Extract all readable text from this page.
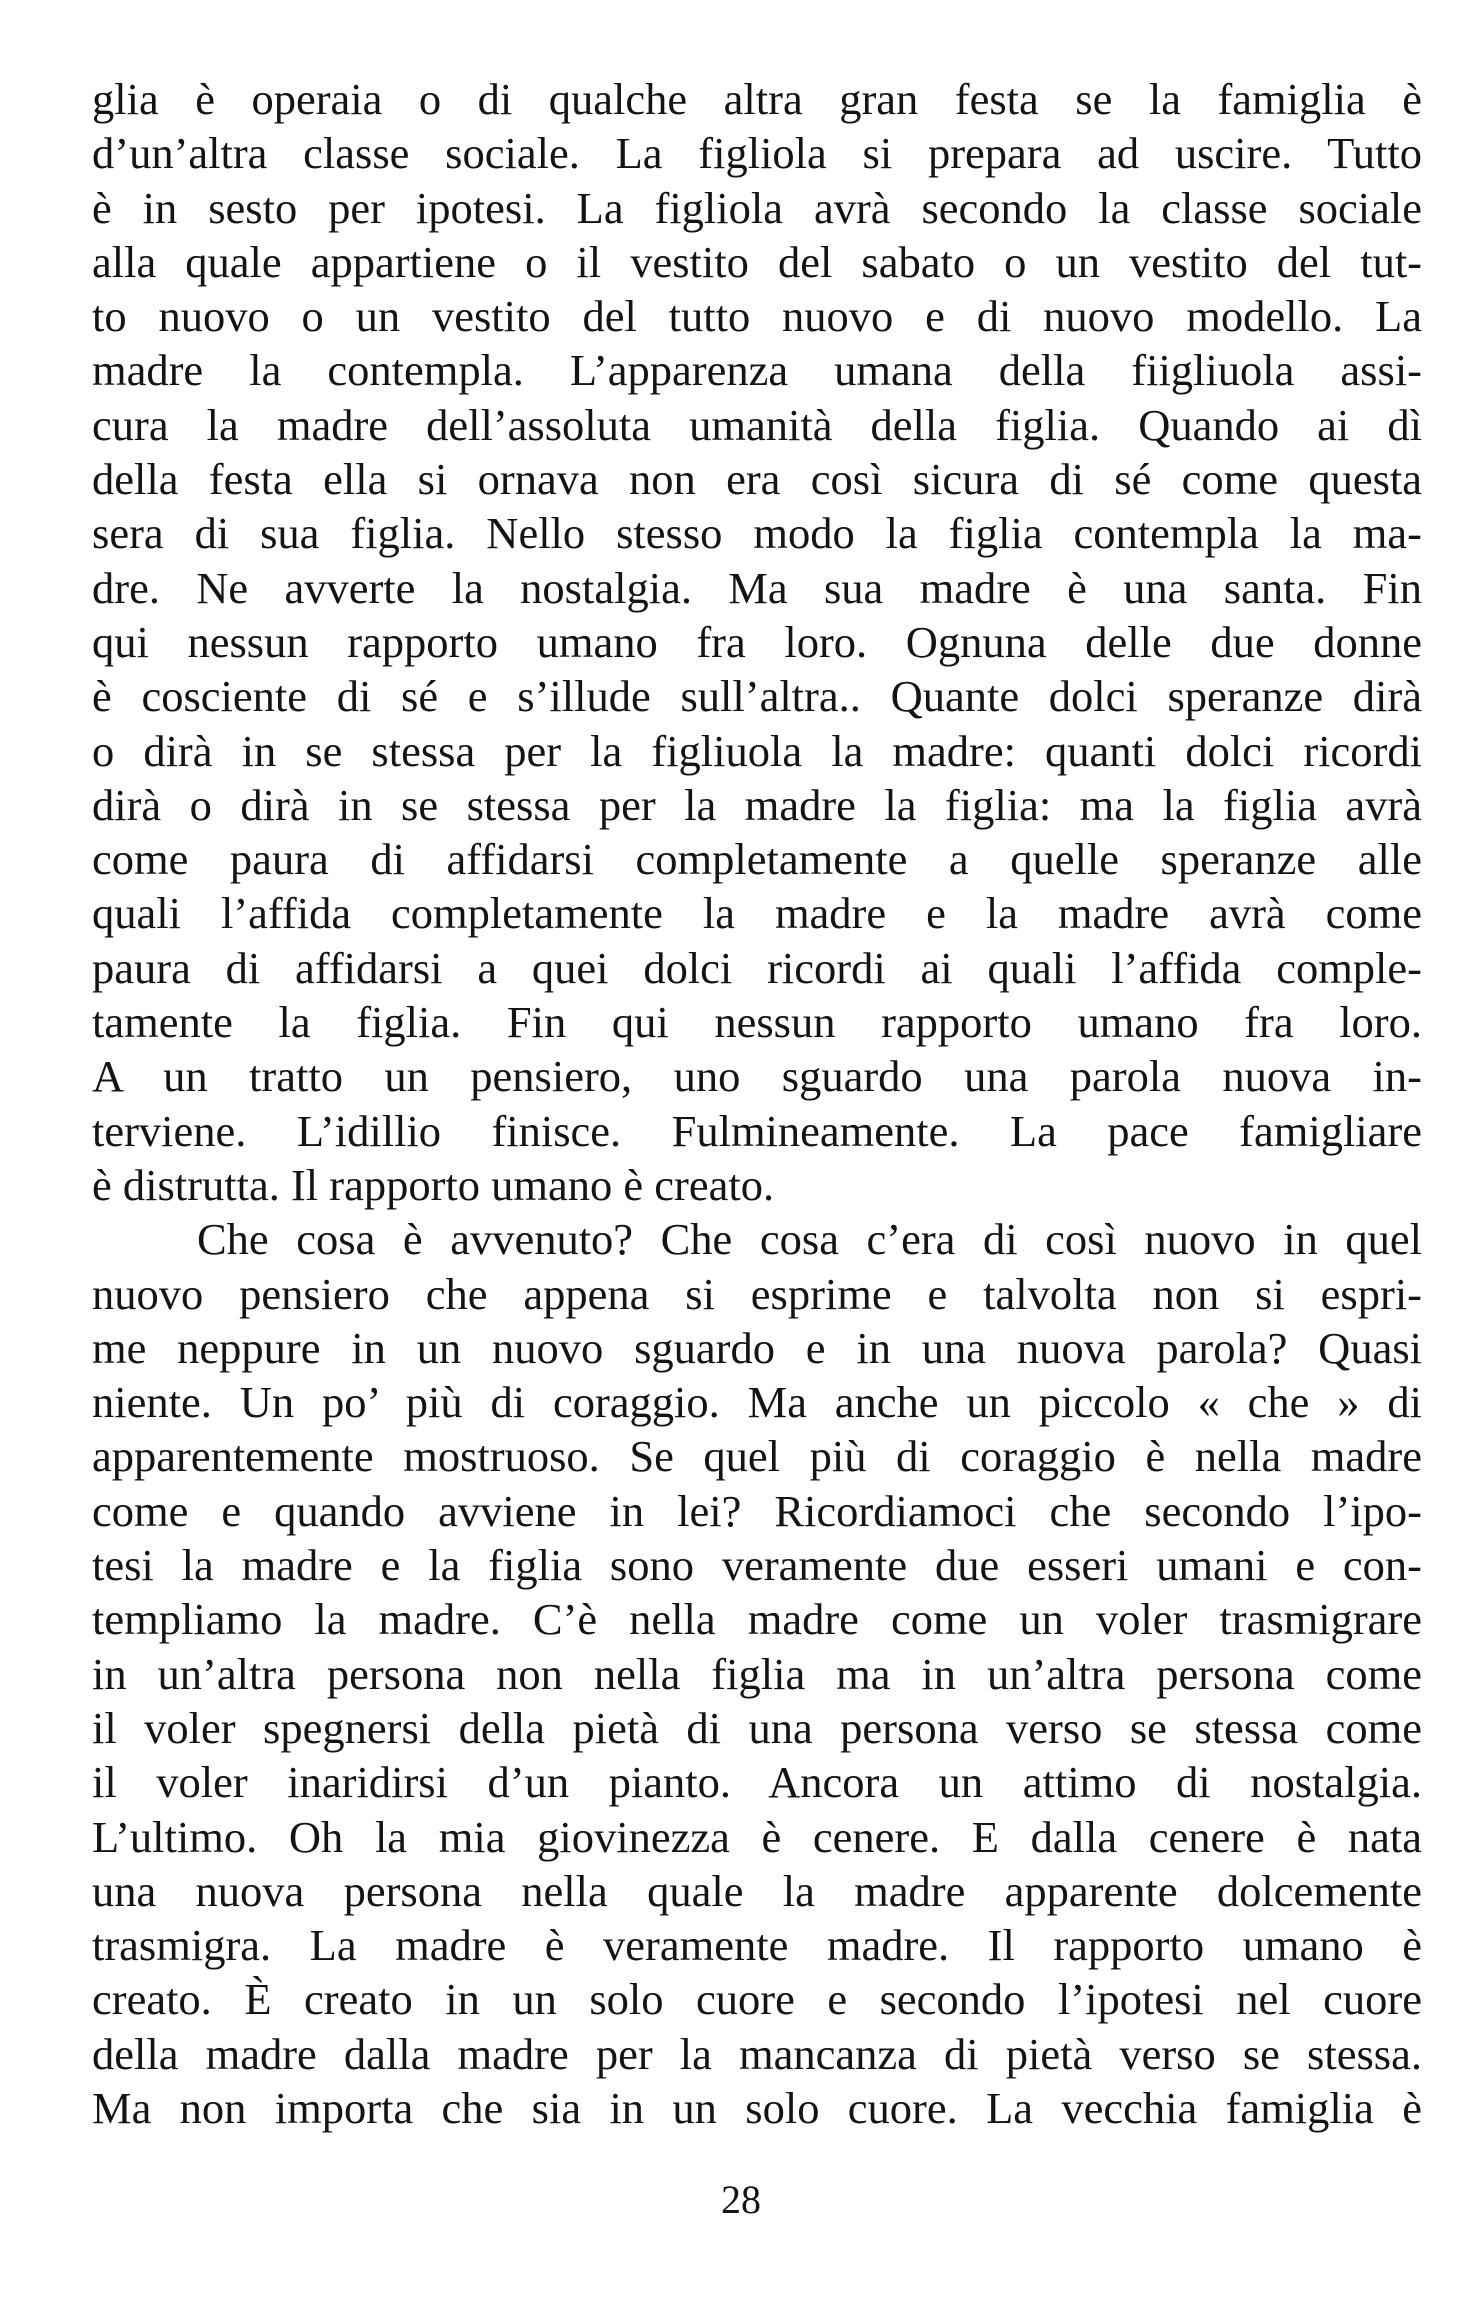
glia è operaia o di qualche altra gran festa se la famiglia è
d’un’altra classe sociale. La figliola si prepara ad uscire. Tutto
è in sesto per ipotesi. La figliola avrà secondo la classe sociale
alla quale appartiene o il vestito del sabato o un vestito del tut-
to nuovo o un vestito del tutto nuovo e di nuovo modello. La
madre la contempla. L’apparenza umana della fiigliuola assi-
cura la madre dell’assoluta umanità della figlia. Quando ai dì
della festa ella si ornava non era così sicura di sé come questa
sera di sua figlia. Nello stesso modo la figlia contempla la ma-
dre. Ne avverte la nostalgia. Ma sua madre è una santa. Fin
qui nessun rapporto umano fra loro. Ognuna delle due donne
è cosciente di sé e s’illude sull’altra.. Quante dolci speranze dirà
o dirà in se stessa per la figliuola la madre: quanti dolci ricordi
dirà o dirà in se stessa per la madre la figlia: ma la figlia avrà
come paura di affidarsi completamente a quelle speranze alle
quali l’affida completamente la madre e la madre avrà come
paura di affidarsi a quei dolci ricordi ai quali l’affida comple-
tamente la figlia. Fin qui nessun rapporto umano fra loro.
A un tratto un pensiero, uno sguardo una parola nuova in-
terviene. L’idillio finisce. Fulmineamente. La pace famigliare
è distrutta. Il rapporto umano è creato.
Che cosa è avvenuto? Che cosa c’era di così nuovo in quel
nuovo pensiero che appena si esprime e talvolta non si espri-
me neppure in un nuovo sguardo e in una nuova parola? Quasi
niente. Un po’ più di coraggio. Ma anche un piccolo « che » di
apparentemente mostruoso. Se quel più di coraggio è nella madre
come e quando avviene in lei? Ricordiamoci che secondo l’ipo-
tesi la madre e la figlia sono veramente due esseri umani e con-
templiamo la madre. C’è nella madre come un voler trasmigrare
in un’altra persona non nella figlia ma in un’altra persona come
il voler spegnersi della pietà di una persona verso se stessa come
il voler inaridirsi d’un pianto. Ancora un attimo di nostalgia.
L’ultimo. Oh la mia giovinezza è cenere. E dalla cenere è nata
una nuova persona nella quale la madre apparente dolcemente
trasmigra. La madre è veramente madre. Il rapporto umano è
creato. È creato in un solo cuore e secondo l’ipotesi nel cuore
della madre dalla madre per la mancanza di pietà verso se stessa.
Ma non importa che sia in un solo cuore. La vecchia famiglia è
28
